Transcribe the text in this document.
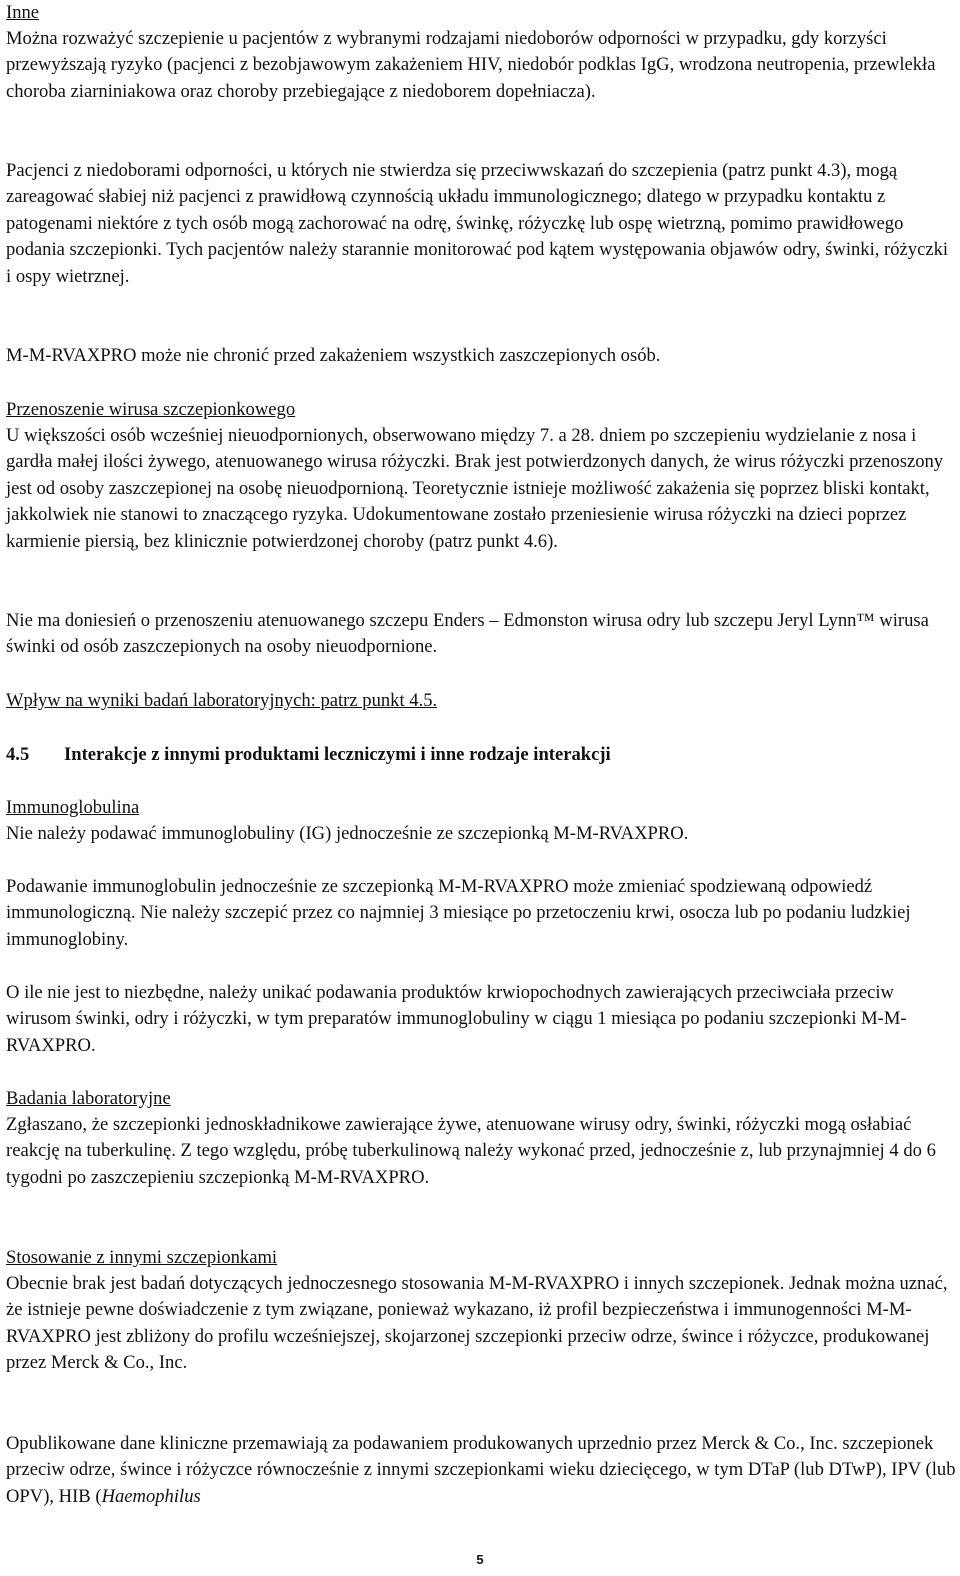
Inne

Można rozważyć szczepienie u pacjentów z wybranymi rodzajami niedoborów odporności w przypadku, gdy korzyści przewyższają ryzyko (pacjenci z bezobjawowym zakażeniem HIV, niedobór podklas IgG, wrodzona neutropenia, przewlekła choroba ziarniniakowa oraz choroby przebiegające z niedoborem dopełniacza).

Pacjenci z niedoborami odporności, u których nie stwierdza się przeciwwskazań do szczepienia (patrz punkt 4.3), mogą zareagować słabiej niż pacjenci z prawidłową czynnością układu immunologicznego; dlatego w przypadku kontaktu z patogenami niektóre z tych osób mogą zachorować na odrę, świnkę, różyczkę lub ospę wietrzną, pomimo prawidłowego podania szczepionki. Tych pacjentów należy starannie monitorować pod kątem występowania objawów odry, świnki, różyczki i ospy wietrznej.

M-M-RVAXPRO może nie chronić przed zakażeniem wszystkich zaszczepionych osób.

Przenoszenie wirusa szczepionkowego

U większości osób wcześniej nieuodpornionych, obserwowano między 7. a 28. dniem po szczepieniu wydzielanie z nosa i gardła małej ilości żywego, atenuowanego wirusa różyczki. Brak jest potwierdzonych danych, że wirus różyczki przenoszony jest od osoby zaszczepionej na osobę nieuodpornioną. Teoretycznie istnieje możliwość zakażenia się poprzez bliski kontakt, jakkolwiek nie stanowi to znaczącego ryzyka. Udokumentowane zostało przeniesienie wirusa różyczki na dzieci poprzez karmienie piersią, bez klinicznie potwierdzonej choroby (patrz punkt 4.6).

Nie ma doniesień o przenoszeniu atenuowanego szczepu Enders – Edmonston wirusa odry lub szczepu Jeryl Lynn™ wirusa świnki od osób zaszczepionych na osoby nieuodpornione.

Wpływ na wyniki badań laboratoryjnych: patrz punkt 4.5.

4.5 Interakcje z innymi produktami leczniczymi i inne rodzaje interakcji

Immunoglobulina

Nie należy podawać immunoglobuliny (IG) jednocześnie ze szczepionką M-M-RVAXPRO.

Podawanie immunoglobulin jednocześnie ze szczepionką M-M-RVAXPRO może zmieniać spodziewaną odpowiedź immunologiczną. Nie należy szczepić przez co najmniej 3 miesiące po przetoczeniu krwi, osocza lub po podaniu ludzkiej immunoglobiny.

O ile nie jest to niezbędne, należy unikać podawania produktów krwiopochodnych zawierających przeciwciała przeciw wirusom świnki, odry i różyczki, w tym preparatów immunoglobuliny w ciągu 1 miesiąca po podaniu szczepionki M-M-RVAXPRO.

Badania laboratoryjne

Zgłaszano, że szczepionki jednoskładnikowe zawierające żywe, atenuowane wirusy odry, świnki, różyczki mogą osłabiać reakcję na tuberkulinę. Z tego względu, próbę tuberkulinową należy wykonać przed, jednocześnie z, lub przynajmniej 4 do 6 tygodni po zaszczepieniu szczepionką M-M-RVAXPRO.

Stosowanie z innymi szczepionkami

Obecnie brak jest badań dotyczących jednoczesnego stosowania M-M-RVAXPRO i innych szczepionek. Jednak można uznać, że istnieje pewne doświadczenie z tym związane, ponieważ wykazano, iż profil bezpieczeństwa i immunogenności M-M-RVAXPRO jest zbliżony do profilu wcześniejszej, skojarzonej szczepionki przeciw odrze, śwince i różyczce, produkowanej przez Merck & Co., Inc.

Opublikowane dane kliniczne przemawiają za podawaniem produkowanych uprzednio przez Merck & Co., Inc. szczepionek przeciw odrze, śwince i różyczce równocześnie z innymi szczepionkami wieku dziecięcego, w tym DTaP (lub DTwP), IPV (lub OPV), HIB (Haemophilus

5
